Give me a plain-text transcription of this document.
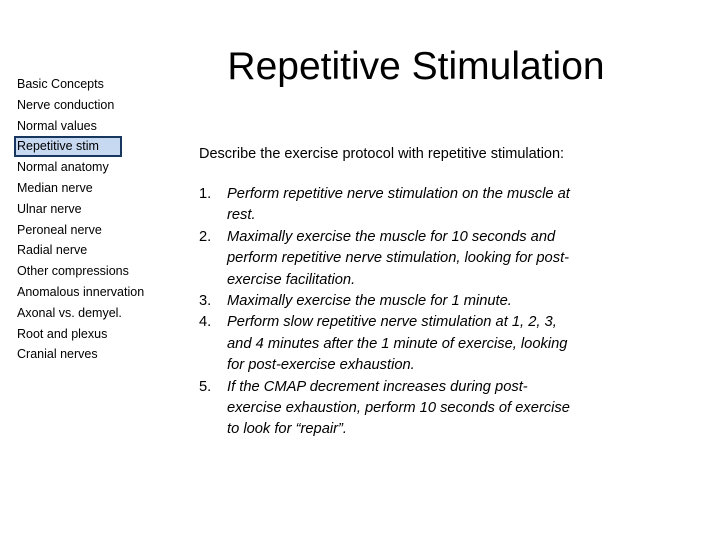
Basic Concepts
Nerve conduction
Normal values
Repetitive stim
Normal anatomy
Median nerve
Ulnar nerve
Peroneal nerve
Radial nerve
Other compressions
Anomalous innervation
Axonal vs. demyel.
Root and plexus
Cranial nerves
Repetitive Stimulation

Describe the exercise protocol with repetitive stimulation:

1.	Perform repetitive nerve stimulation on the muscle at rest.
2.	Maximally exercise the muscle for 10 seconds and perform repetitive nerve stimulation, looking for post-exercise facilitation.
3.	Maximally exercise the muscle for 1 minute.
4.	Perform slow repetitive nerve stimulation at 1, 2, 3, and 4 minutes after the 1 minute of exercise, looking for post-exercise exhaustion.
5.	If the CMAP decrement increases during post-exercise exhaustion, perform 10 seconds of exercise to look for “repair”.
